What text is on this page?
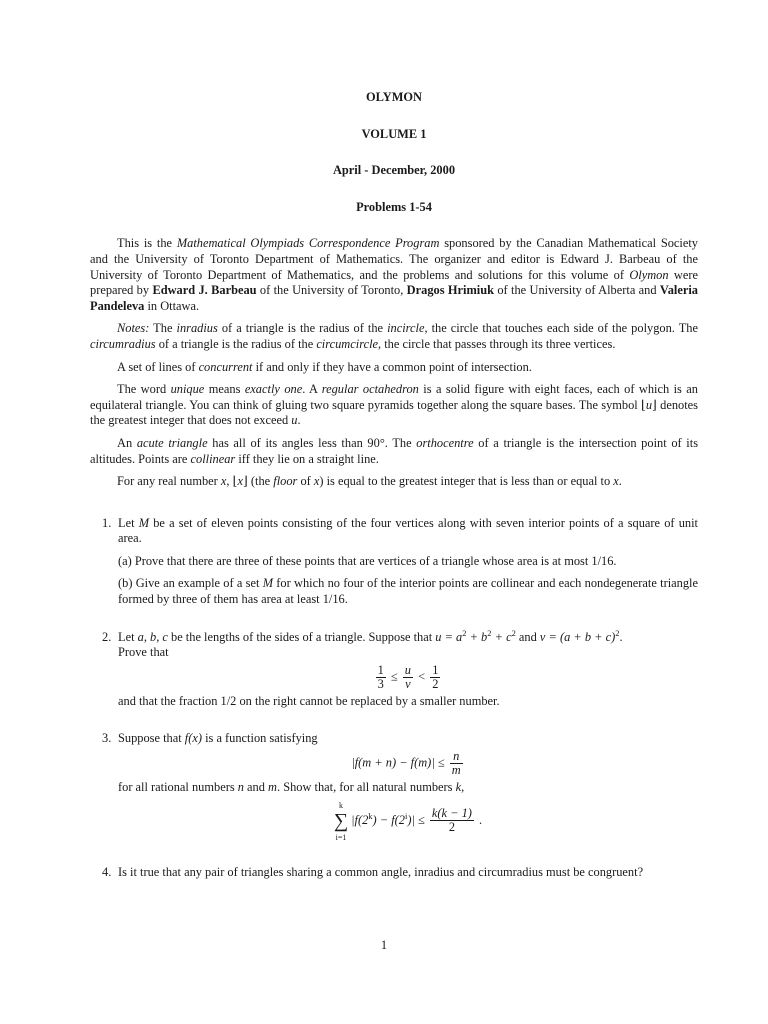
OLYMON
VOLUME 1
April - December, 2000
Problems 1-54

This is the Mathematical Olympiads Correspondence Program sponsored by the Canadian Mathematical Society and the University of Toronto Department of Mathematics. The organizer and editor is Edward J. Barbeau of the University of Toronto Department of Mathematics, and the problems and solutions for this volume of Olymon were prepared by Edward J. Barbeau of the University of Toronto, Dragos Hrimiuk of the University of Alberta and Valeria Pandeleva in Ottawa.

Notes: The inradius of a triangle is the radius of the incircle, the circle that touches each side of the polygon. The circumradius of a triangle is the radius of the circumcircle, the circle that passes through its three vertices.

A set of lines of concurrent if and only if they have a common point of intersection.

The word unique means exactly one. A regular octahedron is a solid figure with eight faces, each of which is an equilateral triangle. You can think of gluing two square pyramids together along the square bases. The symbol ⌊u⌋ denotes the greatest integer that does not exceed u.

An acute triangle has all of its angles less than 90°. The orthocentre of a triangle is the intersection point of its altitudes. Points are collinear iff they lie on a straight line.

For any real number x, ⌊x⌋ (the floor of x) is equal to the greatest integer that is less than or equal to x.

1. Let M be a set of eleven points consisting of the four vertices along with seven interior points of a square of unit area.

(a) Prove that there are three of these points that are vertices of a triangle whose area is at most 1/16.

(b) Give an example of a set M for which no four of the interior points are collinear and each nondegenerate triangle formed by three of them has area at least 1/16.

2. Let a, b, c be the lengths of the sides of a triangle. Suppose that $u = a^2 + b^2 + c^2$ and $v = (a + b + c)^2$.
Prove that

$\frac{1}{3} \le \frac{u}{v} < \frac{1}{2}$

and that the fraction 1/2 on the right cannot be replaced by a smaller number.

3. Suppose that f(x) is a function satisfying

$|f(m + n) - f(m)| \le \frac{n}{m}$

for all rational numbers n and m. Show that, for all natural numbers k,

k
∑
$i=1|f(2^k) - f(2^i)| \le \frac{k(k - 1)}{2}$ .
4. Is it true that any pair of triangles sharing a common angle, inradius and circumradius must be congruent?

1
